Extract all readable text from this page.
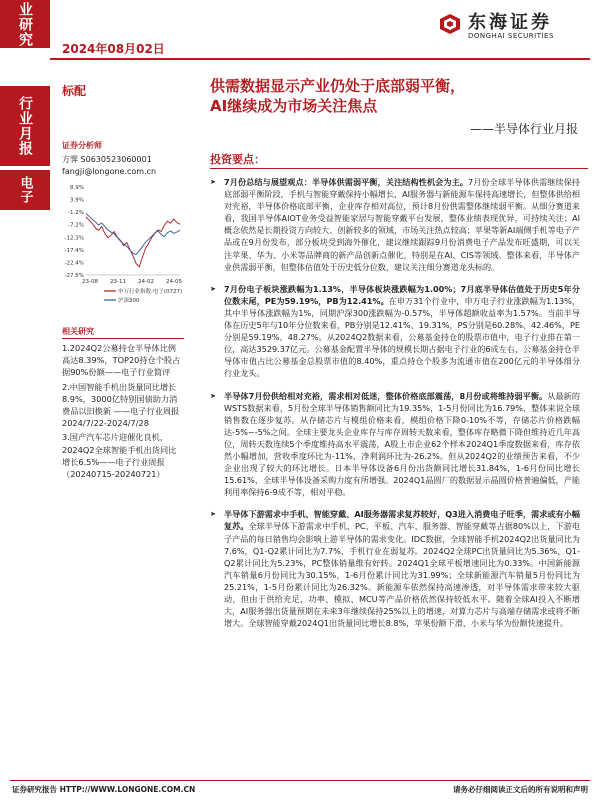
业研究
行业月报
电子
2024年08月02日
东海证券
DONGHAI SECURITIES
标配	供需数据显示产业仍处于底部弱平衡，
AI继续成为市场关注焦点
——半导体行业月报
证券分析师
方霁 S0630523060001
fangji@longone.com.cn
8.9%
3.9%
-1.2%
-7.2%
-12.3%
-17.4%
-22.4%
-27.5%
23-08 23-11 24-02 24-05
申万行业指数:电子(0727)
沪深300
相关研究

1.2024Q2公募持仓半导体比例高达8.39%，TOP20持仓个股占据90%份额——电子行业简评

2.中国智能手机出货量同比增长8.9%，3000亿特别国债助力消费品以旧换新 ——电子行业周报2024/7/22-2024/7/28

3.国产汽车芯片迎催化良机，2024Q2全球智能手机出货同比增长6.5%——电子行业周报（20240715-20240721）

投资要点：
➤ 7月份总结与展望观点：半导体供需弱平衡，关注结构性机会为主。7月份全球半导体供需继续保持底部弱平衡阶段，手机与智能穿戴保持小幅增长，AI服务器与新能源车保持高速增长，但整体供给相对充裕，半导体价格底部平衡，企业库存相对高位，预计8月份供需整体继续弱平衡。从细分赛道来看，我国半导体AIOT业务受益智能家居与智能穿戴平台发展，整体业绩表现优异，可持续关注；AI概念依然是长期投资方向较大、创新较多的领域，市场关注热点较高；苹果等新AI端侧手机等电子产品或在9月份发布，部分板块受到海外催化，建议继续跟踪9月份消费电子产品发布旺盛期，可以关注苹果、华为、小米等品牌商的新产品创新点催化，特别是在AI、CIS等领域。整体来看，半导体产业供需弱平衡，但整体估值处于历史低分位数，建议关注细分赛道龙头标的。
➤ 7月份电子板块涨跌幅为1.13%，半导体板块涨跌幅为1.00%；7月底半导体估值处于历史5年分位数末尾，PE为59.19%，PB为12.41%。在申万31个行业中，申万电子行业涨跌幅为1.13%，其中半导体涨跌幅为1%，同期沪深300涨跌幅为-0.57%，半导体超额收益率为1.57%。当前半导体在历史5年与10年分位数来看，PB分别是12.41%、19.31%，PS分别是60.28%、42.46%，PE分别是59.19%、48.27%。从2024Q2数据来看，公募基金持仓的股票市值中，电子行业排在第一位，高达3529.37亿元。公募基金配置半导体的规模长期占据电子行业的6成左右，公募基金持仓半导体市值占比公募基金总股票市值的8.40%，重点持仓个股多为流通市值在200亿元的半导体细分行业龙头。
➤ 半导体7月份供给相对充裕，需求相对低迷，整体价格底部震荡，8月份或将维持弱平衡。从最新的WSTS数据来看，5月份全球半导体销售额同比为19.35%，1-5月份同比为16.79%，整体来说全球销售数在逐步复苏。从存储芯片与模组价格来看，模组价格下降0-10%不等，存储芯片价格跌幅达-5%~-5%之间。全球主要龙头企业库存与库存周转天数来看，整体库存略微下降但维持近几年高位，周转天数连续5个季度维持高水平震荡，A股上市企业62个样本2024Q1季度数据来看，库存依然小幅增加，营收季度环比为-11%，净利润环比为-26.2%。但从2024Q2的业绩预告来看，不少企业出现了较大的环比增长。日本半导体设备6月份出货额同比增长31.84%，1-6月份同比增长15.61%，全球半导体设备采购力度有所增强。2024Q1晶圆厂的数据显示晶圆价格普遍偏低，产能利用率保持6-9成不等，相对平稳。
➤ 半导体下游需求中手机、智能穿戴、AI服务器需求复苏较好，Q3进入消费电子旺季，需求或有小幅复苏。全球半导体下游需求中手机、PC、平板、汽车、服务器、智能穿戴等占据80%以上，下游电子产品的每日销售均会影响上游半导体的需求变化。IDC数据，全球智能手机2024Q2出货量同比为7.6%，Q1-Q2累计同比为7.7%，手机行业在弱复苏。2024Q2全球PC出货量同比为5.36%，Q1-Q2累计同比为5.23%，PC整体销量维有好转。2024Q1全球平板增速同比为0.33%。中国新能源汽车销量6月份同比为30.15%，1-6月份累计同比为31.99%；全球新能源汽车销量5月份同比为25.21%，1-5月份累计同比为26.32%。新能源车依然保持高速渗透，对半导体需求带来较大驱动，但由于供给充足，功率、模拟、MCU等产品价格依然保持较低水平。随着全球AI投入不断增大，AI服务器出货量预期在未来3年继续保持25%以上的增速，对算力芯片与高端存储需求或将不断增大。全球智能穿戴2024Q1出货量同比增长8.8%，苹果份额下滑，小米与华为份额快速提升。
证券研究报告 HTTP://WWW.LONGONE.COM.CN	请务必仔细阅读正文后的所有说明和声明
